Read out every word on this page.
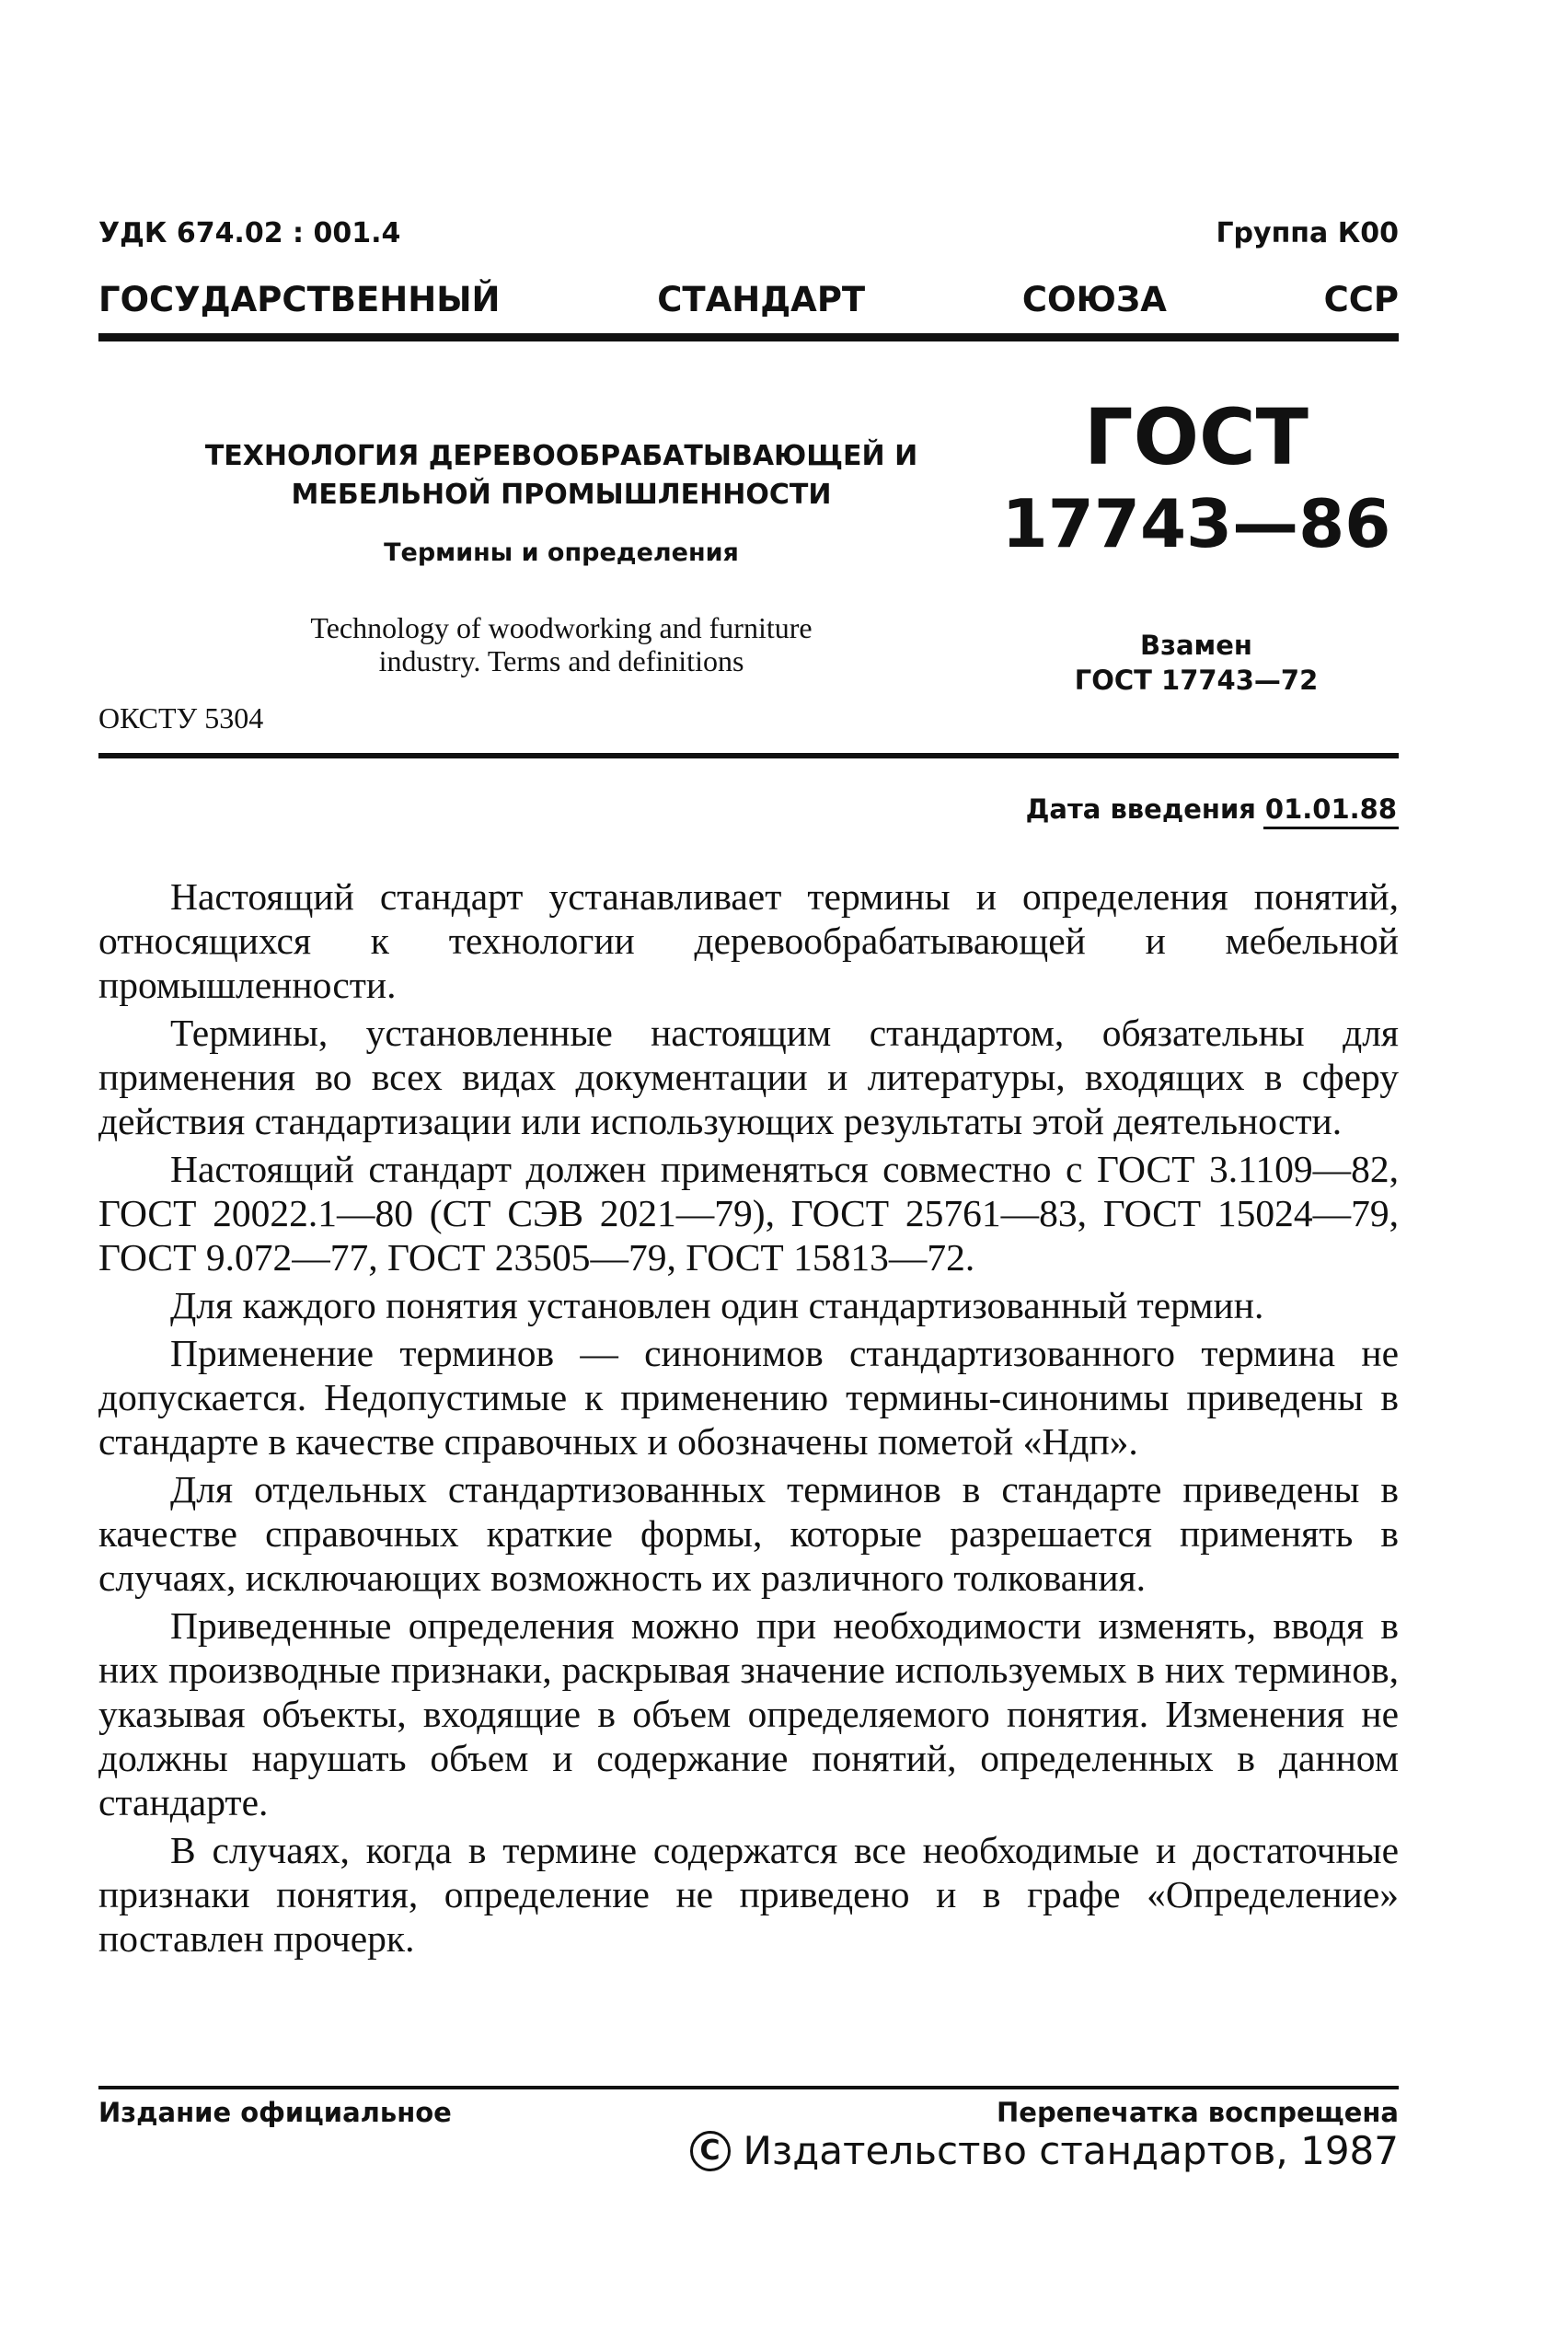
УДК 674.02 : 001.4	Группа К00
ГОСУДАРСТВЕННЫЙ	СТАНДАРТ	СОЮЗА	ССР

ТЕХНОЛОГИЯ ДЕРЕВООБРАБАТЫВАЮЩЕЙ И
МЕБЕЛЬНОЙ ПРОМЫШЛЕННОСТИ

Термины и определения

Technology of woodworking and furniture
industry. Terms and definitions

ОКСТУ 5304

ГОСТ

17743—86

Взамен

ГОСТ 17743—72

Дата введения 01.01.88

Настоящий стандарт устанавливает термины и определения понятий, относящихся к технологии деревообрабатывающей и мебельной промышленности.

Термины, установленные настоящим стандартом, обязательны для применения во всех видах документации и литературы, входящих в сферу действия стандартизации или использующих результаты этой деятельности.

Настоящий стандарт должен применяться совместно с ГОСТ 3.1109—82, ГОСТ 20022.1—80 (СТ СЭВ 2021—79), ГОСТ 25761—83, ГОСТ 15024—79, ГОСТ 9.072—77, ГОСТ 23505—79, ГОСТ 15813—72.

Для каждого понятия установлен один стандартизованный термин.

Применение терминов — синонимов стандартизованного термина не допускается. Недопустимые к применению термины-синонимы приведены в стандарте в качестве справочных и обозначены пометой «Ндп».

Для отдельных стандартизованных терминов в стандарте приведены в качестве справочных краткие формы, которые разрешается применять в случаях, исключающих возможность их различного толкования.

Приведенные определения можно при необходимости изменять, вводя в них производные признаки, раскрывая значение используемых в них терминов, указывая объекты, входящие в объем определяемого понятия. Изменения не должны нарушать объем и содержание понятий, определенных в данном стандарте.

В случаях, когда в термине содержатся все необходимые и достаточные признаки понятия, определение не приведено и в графе «Определение» поставлен прочерк.

Издание официальное	Перепечатка воспрещена
C Издательство стандартов, 1987
